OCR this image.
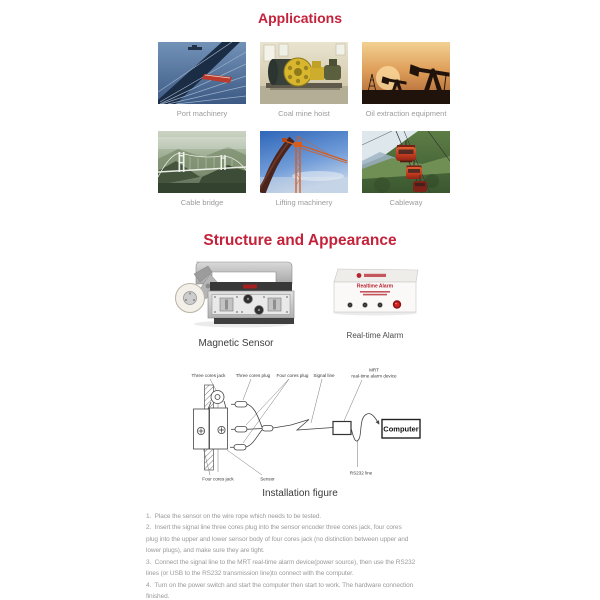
Applications
Port machinery	Coal mine hoist	Oil extraction equipment
Cable bridge	Lifting machinery	Cableway
Structure and Appearance
Magnetic Sensor
Realtime Alarm
Real-time Alarm
Computer
Three cores jack Three cores plug Four cores plug Signal line
MRT
real-time alarm device
Four cores jack	Sensor
RS232 line
Installation figure
1.  Place the sensor on the wire rope which needs to be tested.
2.  Insert the signal line three cores plug into the sensor encoder three cores jack, four cores
plug into the upper and lower sensor body of four cores jack (no distinction between upper and
lower plugs), and make sure they are tight.
3.  Connect the signal line to the MRT real-time alarm device(power source), then use the RS232
lines (or USB to the RS232 transmission line)to connect with the computer.
4.  Turn on the power switch and start the computer then start to work. The hardware connection
finished.
